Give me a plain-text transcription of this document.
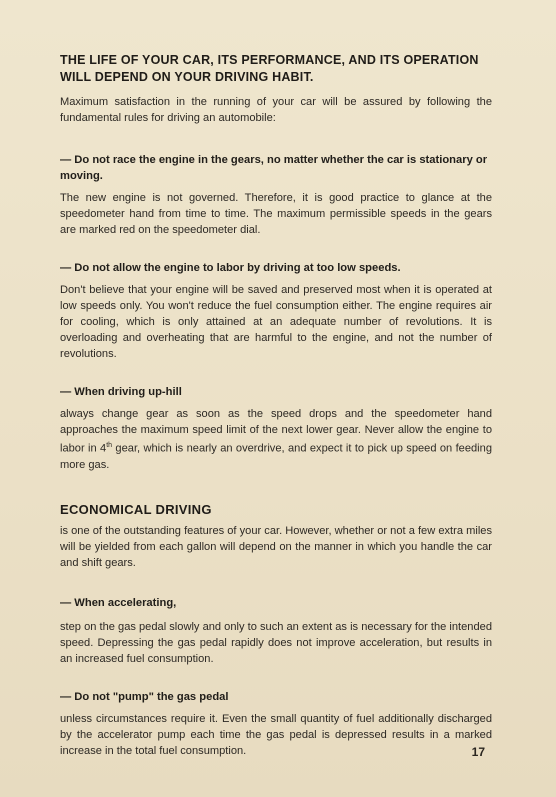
THE LIFE OF YOUR CAR, ITS PERFORMANCE, AND ITS OPERATION WILL DEPEND ON YOUR DRIVING HABIT.

Maximum satisfaction in the running of your car will be assured by following the fundamental rules for driving an automobile:

— Do not race the engine in the gears, no matter whether the car is stationary or moving.

The new engine is not governed. Therefore, it is good practice to glance at the speedometer hand from time to time. The maximum permissible speeds in the gears are marked red on the speedometer dial.

— Do not allow the engine to labor by driving at too low speeds.

Don't believe that your engine will be saved and preserved most when it is operated at low speeds only. You won't reduce the fuel consumption either. The engine requires air for cooling, which is only attained at an adequate number of revolutions. It is overloading and overheating that are harmful to the engine, and not the number of revolutions.

— When driving up-hill

always change gear as soon as the speed drops and the speedometer hand approaches the maximum speed limit of the next lower gear. Never allow the engine to labor in 4th gear, which is nearly an overdrive, and expect it to pick up speed on feeding more gas.

ECONOMICAL DRIVING

is one of the outstanding features of your car. However, whether or not a few extra miles will be yielded from each gallon will depend on the manner in which you handle the car and shift gears.

— When accelerating,

step on the gas pedal slowly and only to such an extent as is necessary for the intended speed. Depressing the gas pedal rapidly does not improve acceleration, but results in an increased fuel consumption.

— Do not "pump" the gas pedal

unless circumstances require it. Even the small quantity of fuel additionally discharged by the accelerator pump each time the gas pedal is depressed results in a marked increase in the total fuel consumption.	17
